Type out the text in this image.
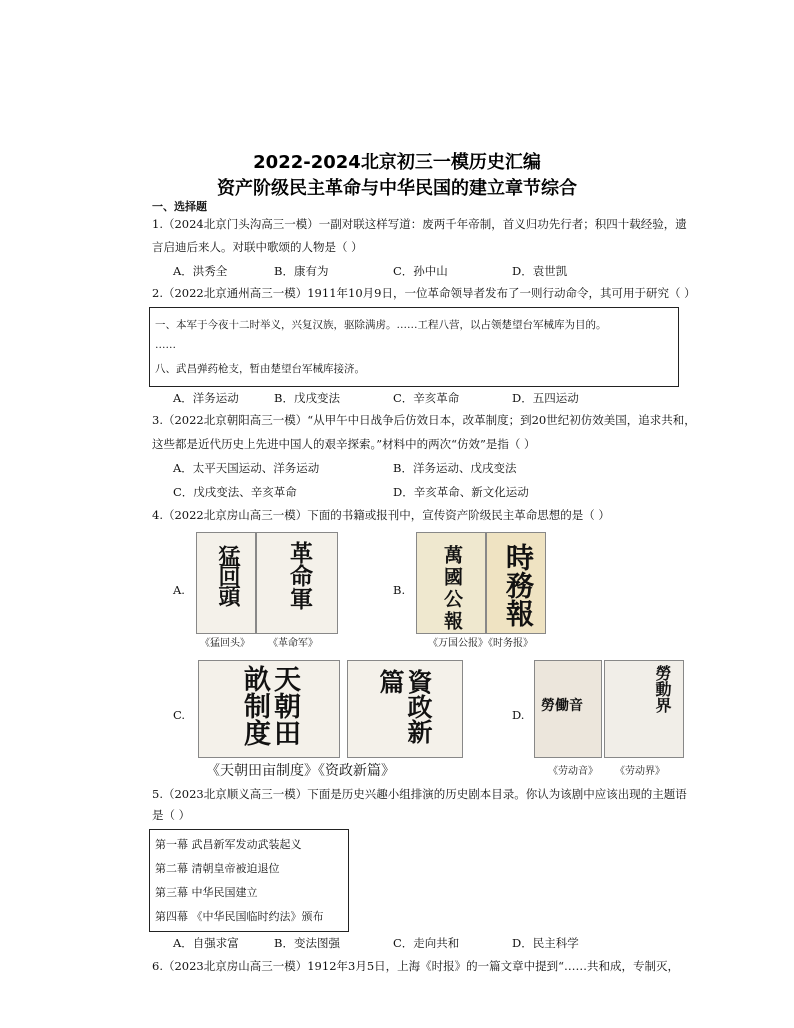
2022-2024北京初三一模历史汇编
资产阶级民主革命与中华民国的建立章节综合
一、选择题
1.（2024北京门头沟高三一模）一副对联这样写道：废两千年帝制，首义归功先行者；积四十载经验，遗
言启迪后来人。对联中歌颂的人物是（ ）
A．洪秀全	B．康有为	C．孙中山	D．袁世凯
2.（2022北京通州高三一模）1911年10月9日，一位革命领导者发布了一则行动命令，其可用于研究（ ）
一、本军于今夜十二时举义，兴复汉族，驱除满虏。……工程八营，以占领楚望台军械库为目的。
……
八、武昌弹药枪支，暂由楚望台军械库接济。
A．洋务运动	B．戊戌变法	C．辛亥革命	D．五四运动
3.（2022北京朝阳高三一模）“从甲午中日战争后仿效日本，改革制度；到20世纪初仿效美国，追求共和，
这些都是近代历史上先进中国人的艰辛探索。”材料中的两次“仿效”是指（ ）
A．太平天国运动、洋务运动	B．洋务运动、戊戌变法
C．戊戌变法、辛亥革命	D．辛亥革命、新文化运动
4.（2022北京房山高三一模）下面的书籍或报刊中，宣传资产阶级民主革命思想的是（ ）
A. 猛回頭 革命軍
《猛回头》 《革命军》
B. 萬國公報 時務報
《万国公报》《时务报》
C.	天朝田畝制度	資政新篇
《天朝田亩制度》《资政新篇》
D.
勞働音	勞動界
《劳动音》 《劳动界》
5.（2023北京顺义高三一模）下面是历史兴趣小组排演的历史剧本目录。你认为该剧中应该出现的主题语
是（ ）
第一幕 武昌新军发动武装起义
第二幕 清朝皇帝被迫退位
第三幕 中华民国建立
第四幕 《中华民国临时约法》颁布
A．自强求富	B．变法图强	C．走向共和	D．民主科学
6.（2023北京房山高三一模）1912年3月5日，上海《时报》的一篇文章中提到“……共和成，专制灭，
